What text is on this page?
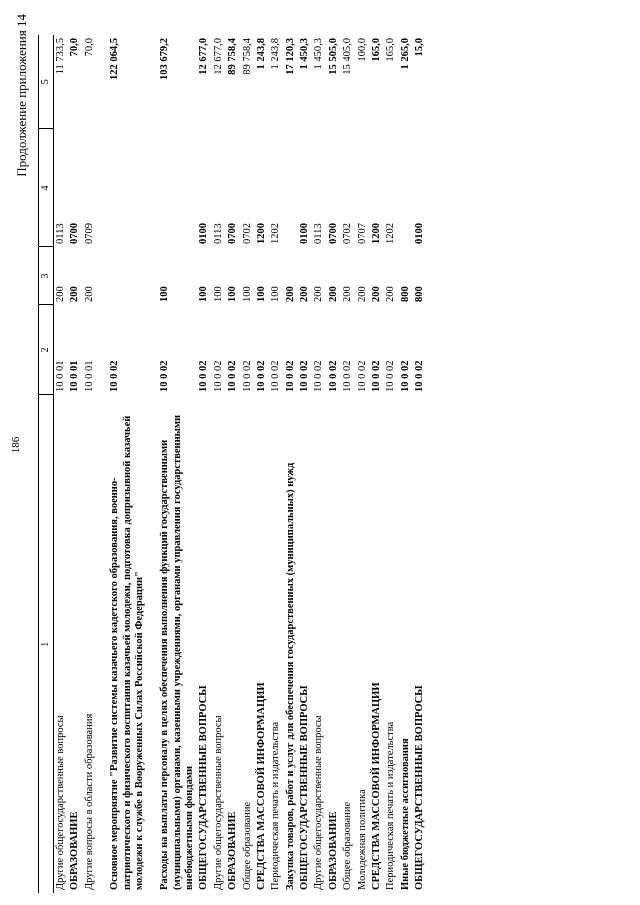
186
Продолжение приложения 14
1	2	3	4	5
Другие общегосударственные вопросы	10 0 01	200	0113	11 733,5
ОБРАЗОВАНИЕ	10 0 01	200	0700	70,0
Другие вопросы в области образования	10 0 01	200	0709	70,0
Основное мероприятие "Развитие системы казачьего кадетского образования, военно-патриотического и физического воспитания казачьей молодежи, подготовка допризывной казачьей молодежи к службе в Вооруженных Силах Российской Федерации"	10 0 02			122 064,5
Расходы на выплаты персоналу в целях обеспечения выполнения функций государственными (муниципальными) органами, казенными учреждениями, органами управления государственными внебюджетными фондами	10 0 02	100		103 679,2
ОБЩЕГОСУДАРСТВЕННЫЕ ВОПРОСЫ	10 0 02	100	0100	12 677,0
Другие общегосударственные вопросы	10 0 02	100	0113	12 677,0
ОБРАЗОВАНИЕ	10 0 02	100	0700	89 758,4
Общее образование	10 0 02	100	0702	89 758,4
СРЕДСТВА МАССОВОЙ ИНФОРМАЦИИ	10 0 02	100	1200	1 243,8
Периодическая печать и издательства	10 0 02	100	1202	1 243,8
Закупка товаров, работ и услуг для обеспечения государственных (муниципальных) нужд	10 0 02	200		17 120,3
ОБЩЕГОСУДАРСТВЕННЫЕ ВОПРОСЫ	10 0 02	200	0100	1 450,3
Другие общегосударственные вопросы	10 0 02	200	0113	1 450,3
ОБРАЗОВАНИЕ	10 0 02	200	0700	15 505,0
Общее образование	10 0 02	200	0702	15 405,0
Молодежная политика	10 0 02	200	0707	100,0
СРЕДСТВА МАССОВОЙ ИНФОРМАЦИИ	10 0 02	200	1200	165,0
Периодическая печать и издательства	10 0 02	200	1202	165,0
Иные бюджетные ассигнования	10 0 02	800		1 265,0
ОБЩЕГОСУДАРСТВЕННЫЕ ВОПРОСЫ	10 0 02	800	0100	15,0
